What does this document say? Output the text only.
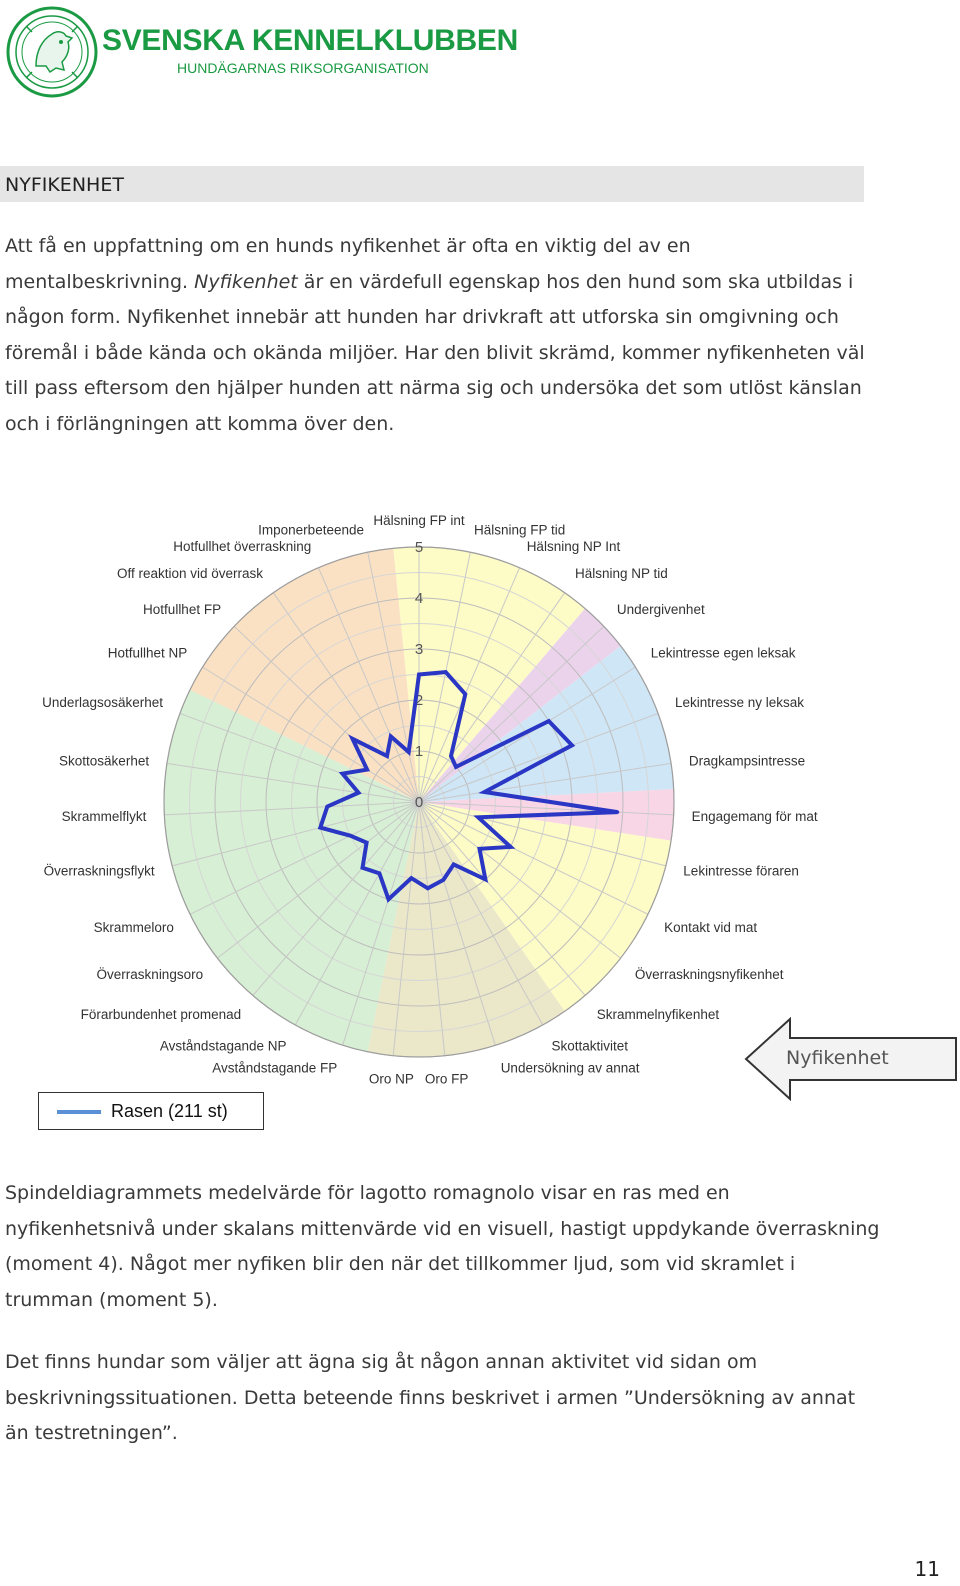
SVENSKA KENNELKLUBBEN
HUNDÄGARNAS RIKSORGANISATION
NYFIKENHET
Att få en uppfattning om en hunds nyfikenhet är ofta en viktig del av en
mentalbeskrivning. Nyfikenhet är en värdefull egenskap hos den hund som ska utbildas i
någon form. Nyfikenhet innebär att hunden har drivkraft att utforska sin omgivning och
föremål i både kända och okända miljöer. Har den blivit skrämd, kommer nyfikenheten väl
till pass eftersom den hjälper hunden att närma sig och undersöka det som utlöst känslan
och i förlängningen att komma över den.
0
1
2
3
4
5
Hälsning FP int
Hälsning FP tid
Hälsning NP Int
Hälsning NP tid
Undergivenhet
Lekintresse egen leksak
Lekintresse ny leksak
Dragkampsintresse
Engagemang för mat
Lekintresse föraren
Kontakt vid mat
Överraskningsnyfikenhet
Skrammelnyfikenhet
Skottaktivitet
Undersökning av annat
Oro FP
Oro NP
Avståndstagande FP
Avståndstagande NP
Förarbundenhet promenad
Överraskningsoro
Skrammeloro
Överraskningsflykt
Skrammelflykt
Skottosäkerhet
Underlagsosäkerhet
Hotfullhet NP
Hotfullhet FP
Off reaktion vid överrask
Hotfullhet överraskning
Imponerbeteende
Rasen (211 st)
Nyfikenhet
Spindeldiagrammets medelvärde för lagotto romagnolo visar en ras med en
nyfikenhetsnivå under skalans mittenvärde vid en visuell, hastigt uppdykande överraskning
(moment 4). Något mer nyfiken blir den när det tillkommer ljud, som vid skramlet i
trumman (moment 5).
Det finns hundar som väljer att ägna sig åt någon annan aktivitet vid sidan om
beskrivningssituationen. Detta beteende finns beskrivet i armen ”Undersökning av annat
än testretningen”.
11
